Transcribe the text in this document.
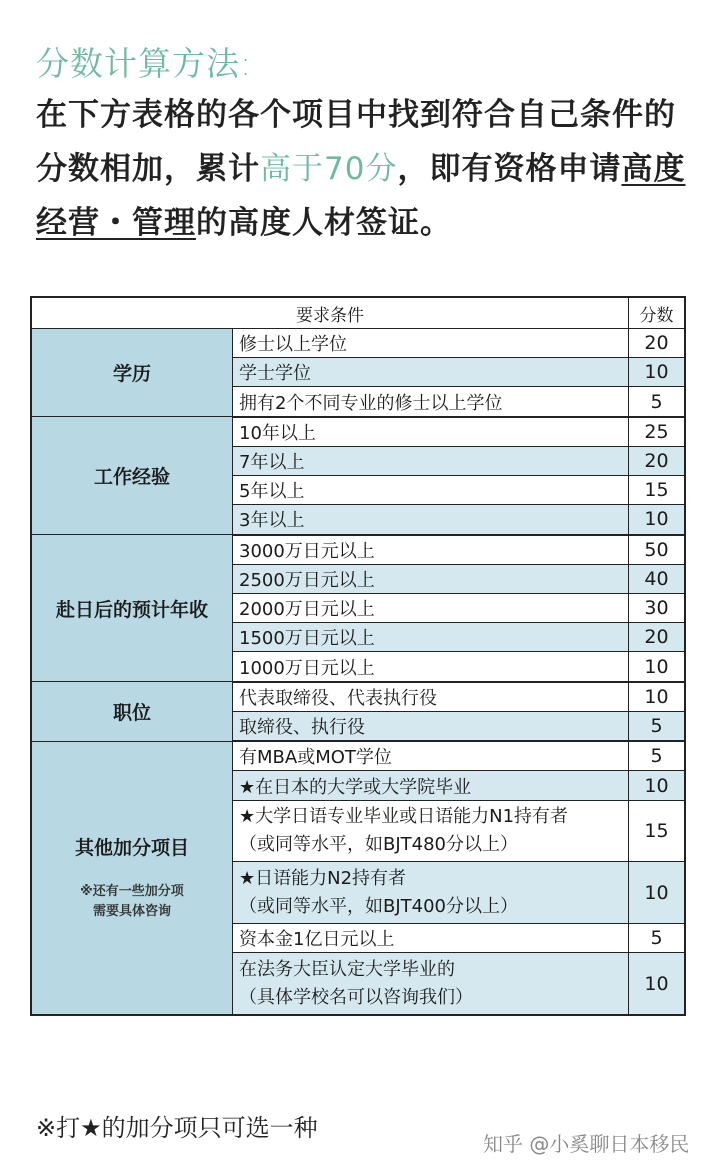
分数计算方法:
在下方表格的各个项目中找到符合自己条件的分数相加，累计高于70分，即有资格申请高度经营・管理的高度人材签证。
要求条件		分数
学历	修士以上学位	20
	学士学位	10
	拥有2个不同专业的修士以上学位	5
工作经验	10年以上	25
	7年以上	20
	5年以上	15
	3年以上	10
赴日后的预计年收	3000万日元以上	50
	2500万日元以上	40
	2000万日元以上	30
	1500万日元以上	20
	1000万日元以上	10
职位	代表取缔役、代表执行役	10
	取缔役、执行役	5
其他加分项目
※还有一些加分项
需要具体咨询	有MBA或MOT学位	5
	★在日本的大学或大学院毕业	10
	★大学日语专业毕业或日语能力N1持有者
（或同等水平，如BJT480分以上）	15
	★日语能力N2持有者
（或同等水平，如BJT400分以上）	10
	资本金1亿日元以上	5
	在法务大臣认定大学毕业的
（具体学校名可以咨询我们）	10
※打★的加分项只可选一种
知乎 @小奚聊日本移民
